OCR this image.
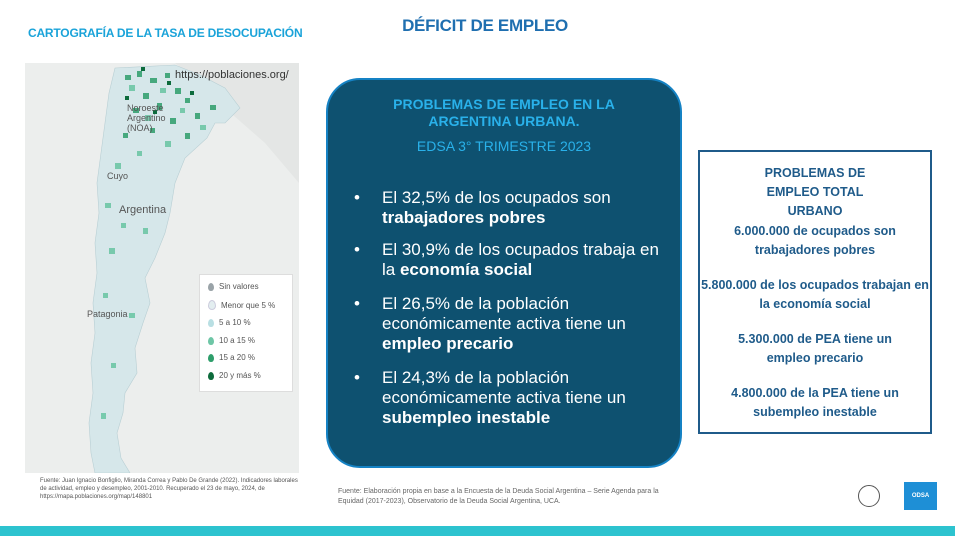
CARTOGRAFÍA DE LA TASA DE DESOCUPACIÓN	DÉFICIT DE EMPLEO
https://poblaciones.org/
Noroeste
Argentino
(NOA)
Cuyo
Argentina
Patagonia
Sin valores
Menor que 5 %
5 a 10 %
10 a 15 %
15 a 20 %
20 y más %
Fuente: Juan Ignacio Bonfiglio, Miranda Correa y Pablo De Grande (2022). Indicadores laborales de actividad, empleo y desempleo, 2001-2010. Recuperado el 23 de mayo, 2024, de https://mapa.poblaciones.org/map/148801
PROBLEMAS DE EMPLEO EN LA
ARGENTINA URBANA.
EDSA 3° TRIMESTRE 2023
• El 32,5% de los ocupados son trabajadores pobres
• El 30,9% de los ocupados trabaja en la economía social
• El 26,5% de la población económicamente activa tiene un empleo precario
• El 24,3% de la población económicamente activa tiene un subempleo inestable
PROBLEMAS DE EMPLEO TOTAL URBANO
6.000.000 de ocupados son trabajadores pobres
5.800.000 de los ocupados trabajan en la economía social
5.300.000 de PEA tiene un empleo precario
4.800.000 de la PEA tiene un subempleo inestable
Fuente: Elaboración propia en base a la Encuesta de la Deuda Social Argentina – Serie Agenda para la Equidad (2017-2023), Observatorio de la Deuda Social Argentina, UCA.
ODSA
